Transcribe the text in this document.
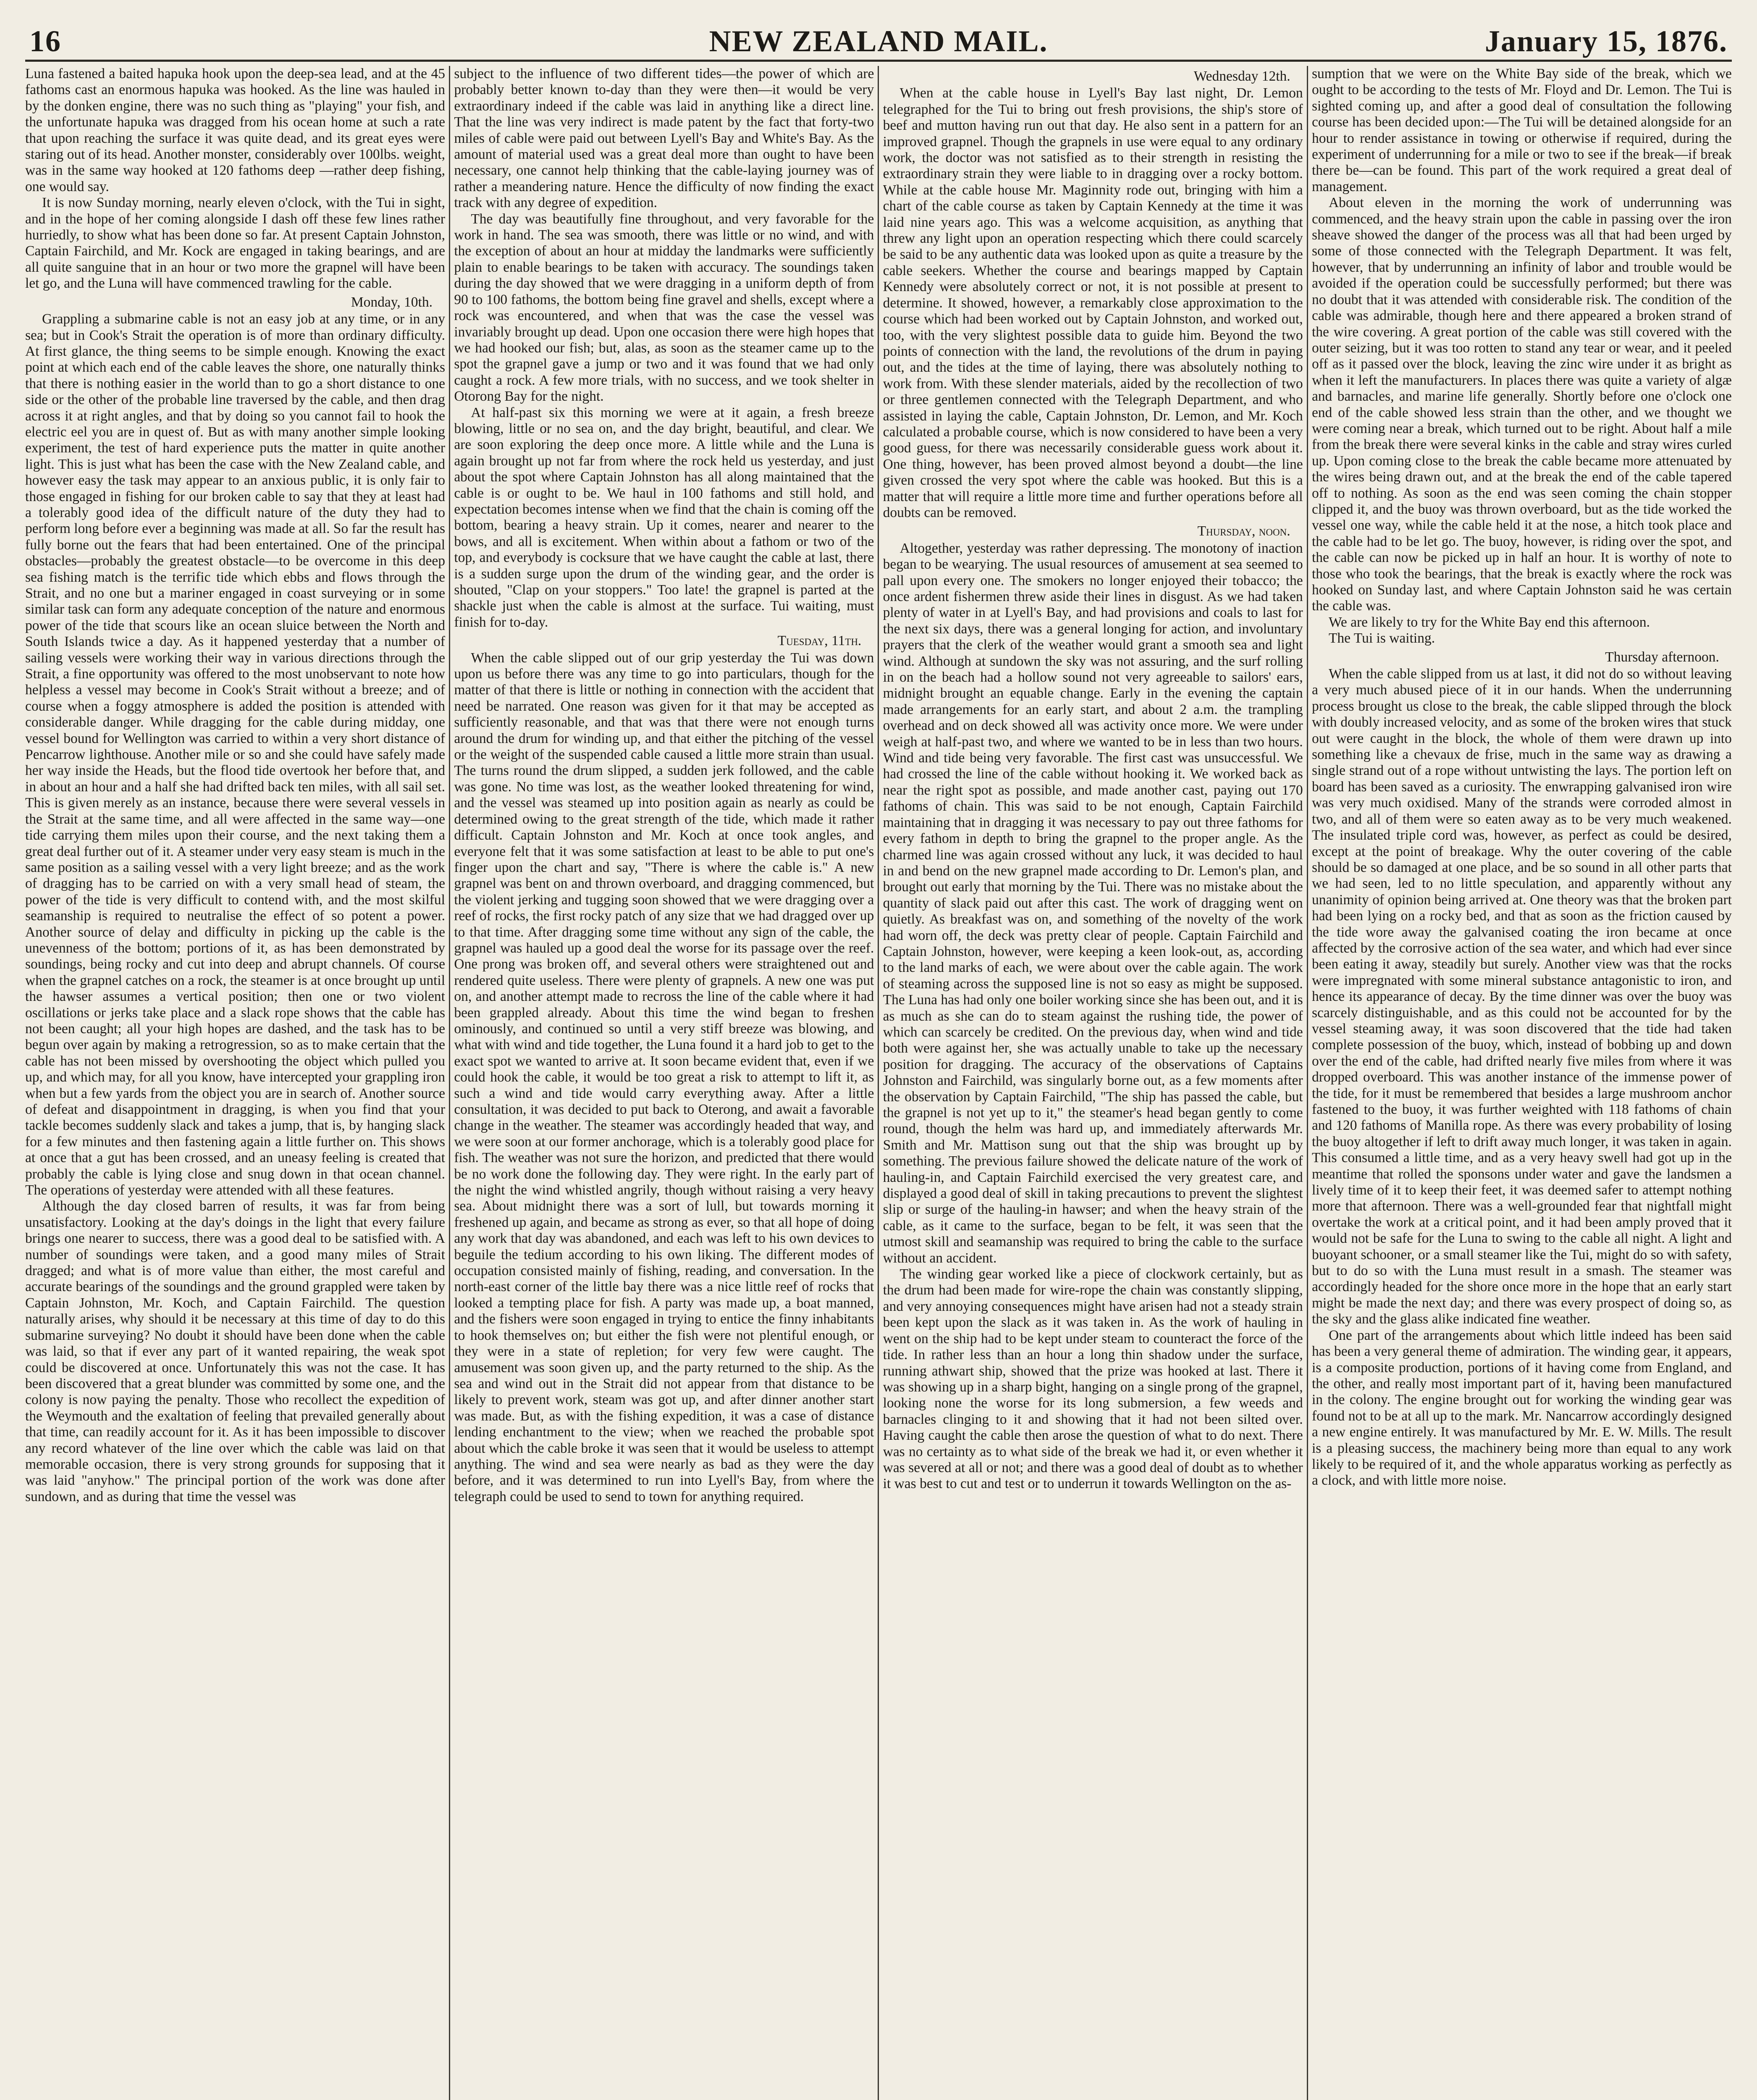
16	NEW ZEALAND MAIL.	January 15, 1876.

Luna fastened a baited hapuka hook upon the deep-sea lead, and at the 45 fathoms cast an enormous hapuka was hooked. As the line was hauled in by the donken engine, there was no such thing as "playing" your fish, and the unfortunate hapuka was dragged from his ocean home at such a rate that upon reaching the surface it was quite dead, and its great eyes were staring out of its head. Another monster, considerably over 100lbs. weight, was in the same way hooked at 120 fathoms deep —rather deep fishing, one would say.

It is now Sunday morning, nearly eleven o'clock, with the Tui in sight, and in the hope of her coming alongside I dash off these few lines rather hurriedly, to show what has been done so far. At present Captain Johnston, Captain Fairchild, and Mr. Kock are engaged in taking bearings, and are all quite sanguine that in an hour or two more the grapnel will have been let go, and the Luna will have commenced trawling for the cable.

Monday, 10th.

Grappling a submarine cable is not an easy job at any time, or in any sea; but in Cook's Strait the operation is of more than ordinary difficulty. At first glance, the thing seems to be simple enough. Knowing the exact point at which each end of the cable leaves the shore, one naturally thinks that there is nothing easier in the world than to go a short distance to one side or the other of the probable line traversed by the cable, and then drag across it at right angles, and that by doing so you cannot fail to hook the electric eel you are in quest of. But as with many another simple looking experiment, the test of hard experience puts the matter in quite another light. This is just what has been the case with the New Zealand cable, and however easy the task may appear to an anxious public, it is only fair to those engaged in fishing for our broken cable to say that they at least had a tolerably good idea of the difficult nature of the duty they had to perform long before ever a beginning was made at all. So far the result has fully borne out the fears that had been entertained. One of the principal obstacles—probably the greatest obstacle—to be overcome in this deep sea fishing match is the terrific tide which ebbs and flows through the Strait, and no one but a mariner engaged in coast surveying or in some similar task can form any adequate conception of the nature and enormous power of the tide that scours like an ocean sluice between the North and South Islands twice a day. As it happened yesterday that a number of sailing vessels were working their way in various directions through the Strait, a fine opportunity was offered to the most unobservant to note how helpless a vessel may become in Cook's Strait without a breeze; and of course when a foggy atmosphere is added the position is attended with considerable danger. While dragging for the cable during midday, one vessel bound for Wellington was carried to within a very short distance of Pencarrow lighthouse. Another mile or so and she could have safely made her way inside the Heads, but the flood tide overtook her before that, and in about an hour and a half she had drifted back ten miles, with all sail set. This is given merely as an instance, because there were several vessels in the Strait at the same time, and all were affected in the same way—one tide carrying them miles upon their course, and the next taking them a great deal further out of it. A steamer under very easy steam is much in the same position as a sailing vessel with a very light breeze; and as the work of dragging has to be carried on with a very small head of steam, the power of the tide is very difficult to contend with, and the most skilful seamanship is required to neutralise the effect of so potent a power. Another source of delay and difficulty in picking up the cable is the unevenness of the bottom; portions of it, as has been demonstrated by soundings, being rocky and cut into deep and abrupt channels. Of course when the grapnel catches on a rock, the steamer is at once brought up until the hawser assumes a vertical position; then one or two violent oscillations or jerks take place and a slack rope shows that the cable has not been caught; all your high hopes are dashed, and the task has to be begun over again by making a retrogression, so as to make certain that the cable has not been missed by overshooting the object which pulled you up, and which may, for all you know, have intercepted your grappling iron when but a few yards from the object you are in search of. Another source of defeat and disappointment in dragging, is when you find that your tackle becomes suddenly slack and takes a jump, that is, by hanging slack for a few minutes and then fastening again a little further on. This shows at once that a gut has been crossed, and an uneasy feeling is created that probably the cable is lying close and snug down in that ocean channel. The operations of yesterday were attended with all these features.

Although the day closed barren of results, it was far from being unsatisfactory. Looking at the day's doings in the light that every failure brings one nearer to success, there was a good deal to be satisfied with. A number of soundings were taken, and a good many miles of Strait dragged; and what is of more value than either, the most careful and accurate bearings of the soundings and the ground grappled were taken by Captain Johnston, Mr. Koch, and Captain Fairchild. The question naturally arises, why should it be necessary at this time of day to do this submarine surveying? No doubt it should have been done when the cable was laid, so that if ever any part of it wanted repairing, the weak spot could be discovered at once. Unfortunately this was not the case. It has been discovered that a great blunder was committed by some one, and the colony is now paying the penalty. Those who recollect the expedition of the Weymouth and the exaltation of feeling that prevailed generally about that time, can readily account for it. As it has been impossible to discover any record whatever of the line over which the cable was laid on that memorable occasion, there is very strong grounds for supposing that it was laid "anyhow." The principal portion of the work was done after sundown, and as during that time the vessel was

subject to the influence of two different tides—the power of which are probably better known to-day than they were then—it would be very extraordinary indeed if the cable was laid in anything like a direct line. That the line was very indirect is made patent by the fact that forty-two miles of cable were paid out between Lyell's Bay and White's Bay. As the amount of material used was a great deal more than ought to have been necessary, one cannot help thinking that the cable-laying journey was of rather a meandering nature. Hence the difficulty of now finding the exact track with any degree of expedition.

The day was beautifully fine throughout, and very favorable for the work in hand. The sea was smooth, there was little or no wind, and with the exception of about an hour at midday the landmarks were sufficiently plain to enable bearings to be taken with accuracy. The soundings taken during the day showed that we were dragging in a uniform depth of from 90 to 100 fathoms, the bottom being fine gravel and shells, except where a rock was encountered, and when that was the case the vessel was invariably brought up dead. Upon one occasion there were high hopes that we had hooked our fish; but, alas, as soon as the steamer came up to the spot the grapnel gave a jump or two and it was found that we had only caught a rock. A few more trials, with no success, and we took shelter in Otorong Bay for the night.

At half-past six this morning we were at it again, a fresh breeze blowing, little or no sea on, and the day bright, beautiful, and clear. We are soon exploring the deep once more. A little while and the Luna is again brought up not far from where the rock held us yesterday, and just about the spot where Captain Johnston has all along maintained that the cable is or ought to be. We haul in 100 fathoms and still hold, and expectation becomes intense when we find that the chain is coming off the bottom, bearing a heavy strain. Up it comes, nearer and nearer to the bows, and all is excitement. When within about a fathom or two of the top, and everybody is cocksure that we have caught the cable at last, there is a sudden surge upon the drum of the winding gear, and the order is shouted, "Clap on your stoppers." Too late! the grapnel is parted at the shackle just when the cable is almost at the surface. Tui waiting, must finish for to-day.

Tuesday, 11th.

When the cable slipped out of our grip yesterday the Tui was down upon us before there was any time to go into particulars, though for the matter of that there is little or nothing in connection with the accident that need be narrated. One reason was given for it that may be accepted as sufficiently reasonable, and that was that there were not enough turns around the drum for winding up, and that either the pitching of the vessel or the weight of the suspended cable caused a little more strain than usual. The turns round the drum slipped, a sudden jerk followed, and the cable was gone. No time was lost, as the weather looked threatening for wind, and the vessel was steamed up into position again as nearly as could be determined owing to the great strength of the tide, which made it rather difficult. Captain Johnston and Mr. Koch at once took angles, and everyone felt that it was some satisfaction at least to be able to put one's finger upon the chart and say, "There is where the cable is." A new grapnel was bent on and thrown overboard, and dragging commenced, but the violent jerking and tugging soon showed that we were dragging over a reef of rocks, the first rocky patch of any size that we had dragged over up to that time. After dragging some time without any sign of the cable, the grapnel was hauled up a good deal the worse for its passage over the reef. One prong was broken off, and several others were straightened out and rendered quite useless. There were plenty of grapnels. A new one was put on, and another attempt made to recross the line of the cable where it had been grappled already. About this time the wind began to freshen ominously, and continued so until a very stiff breeze was blowing, and what with wind and tide together, the Luna found it a hard job to get to the exact spot we wanted to arrive at. It soon became evident that, even if we could hook the cable, it would be too great a risk to attempt to lift it, as such a wind and tide would carry everything away. After a little consultation, it was decided to put back to Oterong, and await a favorable change in the weather. The steamer was accordingly headed that way, and we were soon at our former anchorage, which is a tolerably good place for fish. The weather was not sure the horizon, and predicted that there would be no work done the following day. They were right. In the early part of the night the wind whistled angrily, though without raising a very heavy sea. About midnight there was a sort of lull, but towards morning it freshened up again, and became as strong as ever, so that all hope of doing any work that day was abandoned, and each was left to his own devices to beguile the tedium according to his own liking. The different modes of occupation consisted mainly of fishing, reading, and conversation. In the north-east corner of the little bay there was a nice little reef of rocks that looked a tempting place for fish. A party was made up, a boat manned, and the fishers were soon engaged in trying to entice the finny inhabitants to hook themselves on; but either the fish were not plentiful enough, or they were in a state of repletion; for very few were caught. The amusement was soon given up, and the party returned to the ship. As the sea and wind out in the Strait did not appear from that distance to be likely to prevent work, steam was got up, and after dinner another start was made. But, as with the fishing expedition, it was a case of distance lending enchantment to the view; when we reached the probable spot about which the cable broke it was seen that it would be useless to attempt anything. The wind and sea were nearly as bad as they were the day before, and it was determined to run into Lyell's Bay, from where the telegraph could be used to send to town for anything required.

Wednesday 12th.

When at the cable house in Lyell's Bay last night, Dr. Lemon telegraphed for the Tui to bring out fresh provisions, the ship's store of beef and mutton having run out that day. He also sent in a pattern for an improved grapnel. Though the grapnels in use were equal to any ordinary work, the doctor was not satisfied as to their strength in resisting the extraordinary strain they were liable to in dragging over a rocky bottom. While at the cable house Mr. Maginnity rode out, bringing with him a chart of the cable course as taken by Captain Kennedy at the time it was laid nine years ago. This was a welcome acquisition, as anything that threw any light upon an operation respecting which there could scarcely be said to be any authentic data was looked upon as quite a treasure by the cable seekers. Whether the course and bearings mapped by Captain Kennedy were absolutely correct or not, it is not possible at present to determine. It showed, however, a remarkably close approximation to the course which had been worked out by Captain Johnston, and worked out, too, with the very slightest possible data to guide him. Beyond the two points of connection with the land, the revolutions of the drum in paying out, and the tides at the time of laying, there was absolutely nothing to work from. With these slender materials, aided by the recollection of two or three gentlemen connected with the Telegraph Department, and who assisted in laying the cable, Captain Johnston, Dr. Lemon, and Mr. Koch calculated a probable course, which is now considered to have been a very good guess, for there was necessarily considerable guess work about it. One thing, however, has been proved almost beyond a doubt—the line given crossed the very spot where the cable was hooked. But this is a matter that will require a little more time and further operations before all doubts can be removed.

Thursday, noon.

Altogether, yesterday was rather depressing. The monotony of inaction began to be wearying. The usual resources of amusement at sea seemed to pall upon every one. The smokers no longer enjoyed their tobacco; the once ardent fishermen threw aside their lines in disgust. As we had taken plenty of water in at Lyell's Bay, and had provisions and coals to last for the next six days, there was a general longing for action, and involuntary prayers that the clerk of the weather would grant a smooth sea and light wind. Although at sundown the sky was not assuring, and the surf rolling in on the beach had a hollow sound not very agreeable to sailors' ears, midnight brought an equable change. Early in the evening the captain made arrangements for an early start, and about 2 a.m. the trampling overhead and on deck showed all was activity once more. We were under weigh at half-past two, and where we wanted to be in less than two hours. Wind and tide being very favorable. The first cast was unsuccessful. We had crossed the line of the cable without hooking it. We worked back as near the right spot as possible, and made another cast, paying out 170 fathoms of chain. This was said to be not enough, Captain Fairchild maintaining that in dragging it was necessary to pay out three fathoms for every fathom in depth to bring the grapnel to the proper angle. As the charmed line was again crossed without any luck, it was decided to haul in and bend on the new grapnel made according to Dr. Lemon's plan, and brought out early that morning by the Tui. There was no mistake about the quantity of slack paid out after this cast. The work of dragging went on quietly. As breakfast was on, and something of the novelty of the work had worn off, the deck was pretty clear of people. Captain Fairchild and Captain Johnston, however, were keeping a keen look-out, as, according to the land marks of each, we were about over the cable again. The work of steaming across the supposed line is not so easy as might be supposed. The Luna has had only one boiler working since she has been out, and it is as much as she can do to steam against the rushing tide, the power of which can scarcely be credited. On the previous day, when wind and tide both were against her, she was actually unable to take up the necessary position for dragging. The accuracy of the observations of Captains Johnston and Fairchild, was singularly borne out, as a few moments after the observation by Captain Fairchild, "The ship has passed the cable, but the grapnel is not yet up to it," the steamer's head began gently to come round, though the helm was hard up, and immediately afterwards Mr. Smith and Mr. Mattison sung out that the ship was brought up by something. The previous failure showed the delicate nature of the work of hauling-in, and Captain Fairchild exercised the very greatest care, and displayed a good deal of skill in taking precautions to prevent the slightest slip or surge of the hauling-in hawser; and when the heavy strain of the cable, as it came to the surface, began to be felt, it was seen that the utmost skill and seamanship was required to bring the cable to the surface without an accident.

The winding gear worked like a piece of clockwork certainly, but as the drum had been made for wire-rope the chain was constantly slipping, and very annoying consequences might have arisen had not a steady strain been kept upon the slack as it was taken in. As the work of hauling in went on the ship had to be kept under steam to counteract the force of the tide. In rather less than an hour a long thin shadow under the surface, running athwart ship, showed that the prize was hooked at last. There it was showing up in a sharp bight, hanging on a single prong of the grapnel, looking none the worse for its long submersion, a few weeds and barnacles clinging to it and showing that it had not been silted over. Having caught the cable then arose the question of what to do next. There was no certainty as to what side of the break we had it, or even whether it was severed at all or not; and there was a good deal of doubt as to whether it was best to cut and test or to underrun it towards Wellington on the as-

sumption that we were on the White Bay side of the break, which we ought to be according to the tests of Mr. Floyd and Dr. Lemon. The Tui is sighted coming up, and after a good deal of consultation the following course has been decided upon:—The Tui will be detained alongside for an hour to render assistance in towing or otherwise if required, during the experiment of underrunning for a mile or two to see if the break—if break there be—can be found. This part of the work required a great deal of management.

About eleven in the morning the work of underrunning was commenced, and the heavy strain upon the cable in passing over the iron sheave showed the danger of the process was all that had been urged by some of those connected with the Telegraph Department. It was felt, however, that by underrunning an infinity of labor and trouble would be avoided if the operation could be successfully performed; but there was no doubt that it was attended with considerable risk. The condition of the cable was admirable, though here and there appeared a broken strand of the wire covering. A great portion of the cable was still covered with the outer seizing, but it was too rotten to stand any tear or wear, and it peeled off as it passed over the block, leaving the zinc wire under it as bright as when it left the manufacturers. In places there was quite a variety of algæ and barnacles, and marine life generally. Shortly before one o'clock one end of the cable showed less strain than the other, and we thought we were coming near a break, which turned out to be right. About half a mile from the break there were several kinks in the cable and stray wires curled up. Upon coming close to the break the cable became more attenuated by the wires being drawn out, and at the break the end of the cable tapered off to nothing. As soon as the end was seen coming the chain stopper clipped it, and the buoy was thrown overboard, but as the tide worked the vessel one way, while the cable held it at the nose, a hitch took place and the cable had to be let go. The buoy, however, is riding over the spot, and the cable can now be picked up in half an hour. It is worthy of note to those who took the bearings, that the break is exactly where the rock was hooked on Sunday last, and where Captain Johnston said he was certain the cable was.

We are likely to try for the White Bay end this afternoon.

The Tui is waiting.

Thursday afternoon.

When the cable slipped from us at last, it did not do so without leaving a very much abused piece of it in our hands. When the underrunning process brought us close to the break, the cable slipped through the block with doubly increased velocity, and as some of the broken wires that stuck out were caught in the block, the whole of them were drawn up into something like a chevaux de frise, much in the same way as drawing a single strand out of a rope without untwisting the lays. The portion left on board has been saved as a curiosity. The enwrapping galvanised iron wire was very much oxidised. Many of the strands were corroded almost in two, and all of them were so eaten away as to be very much weakened. The insulated triple cord was, however, as perfect as could be desired, except at the point of breakage. Why the outer covering of the cable should be so damaged at one place, and be so sound in all other parts that we had seen, led to no little speculation, and apparently without any unanimity of opinion being arrived at. One theory was that the broken part had been lying on a rocky bed, and that as soon as the friction caused by the tide wore away the galvanised coating the iron became at once affected by the corrosive action of the sea water, and which had ever since been eating it away, steadily but surely. Another view was that the rocks were impregnated with some mineral substance antagonistic to iron, and hence its appearance of decay. By the time dinner was over the buoy was scarcely distinguishable, and as this could not be accounted for by the vessel steaming away, it was soon discovered that the tide had taken complete possession of the buoy, which, instead of bobbing up and down over the end of the cable, had drifted nearly five miles from where it was dropped overboard. This was another instance of the immense power of the tide, for it must be remembered that besides a large mushroom anchor fastened to the buoy, it was further weighted with 118 fathoms of chain and 120 fathoms of Manilla rope. As there was every probability of losing the buoy altogether if left to drift away much longer, it was taken in again. This consumed a little time, and as a very heavy swell had got up in the meantime that rolled the sponsons under water and gave the landsmen a lively time of it to keep their feet, it was deemed safer to attempt nothing more that afternoon. There was a well-grounded fear that nightfall might overtake the work at a critical point, and it had been amply proved that it would not be safe for the Luna to swing to the cable all night. A light and buoyant schooner, or a small steamer like the Tui, might do so with safety, but to do so with the Luna must result in a smash. The steamer was accordingly headed for the shore once more in the hope that an early start might be made the next day; and there was every prospect of doing so, as the sky and the glass alike indicated fine weather.

One part of the arrangements about which little indeed has been said has been a very general theme of admiration. The winding gear, it appears, is a composite production, portions of it having come from England, and the other, and really most important part of it, having been manufactured in the colony. The engine brought out for working the winding gear was found not to be at all up to the mark. Mr. Nancarrow accordingly designed a new engine entirely. It was manufactured by Mr. E. W. Mills. The result is a pleasing success, the machinery being more than equal to any work likely to be required of it, and the whole apparatus working as perfectly as a clock, and with little more noise.
